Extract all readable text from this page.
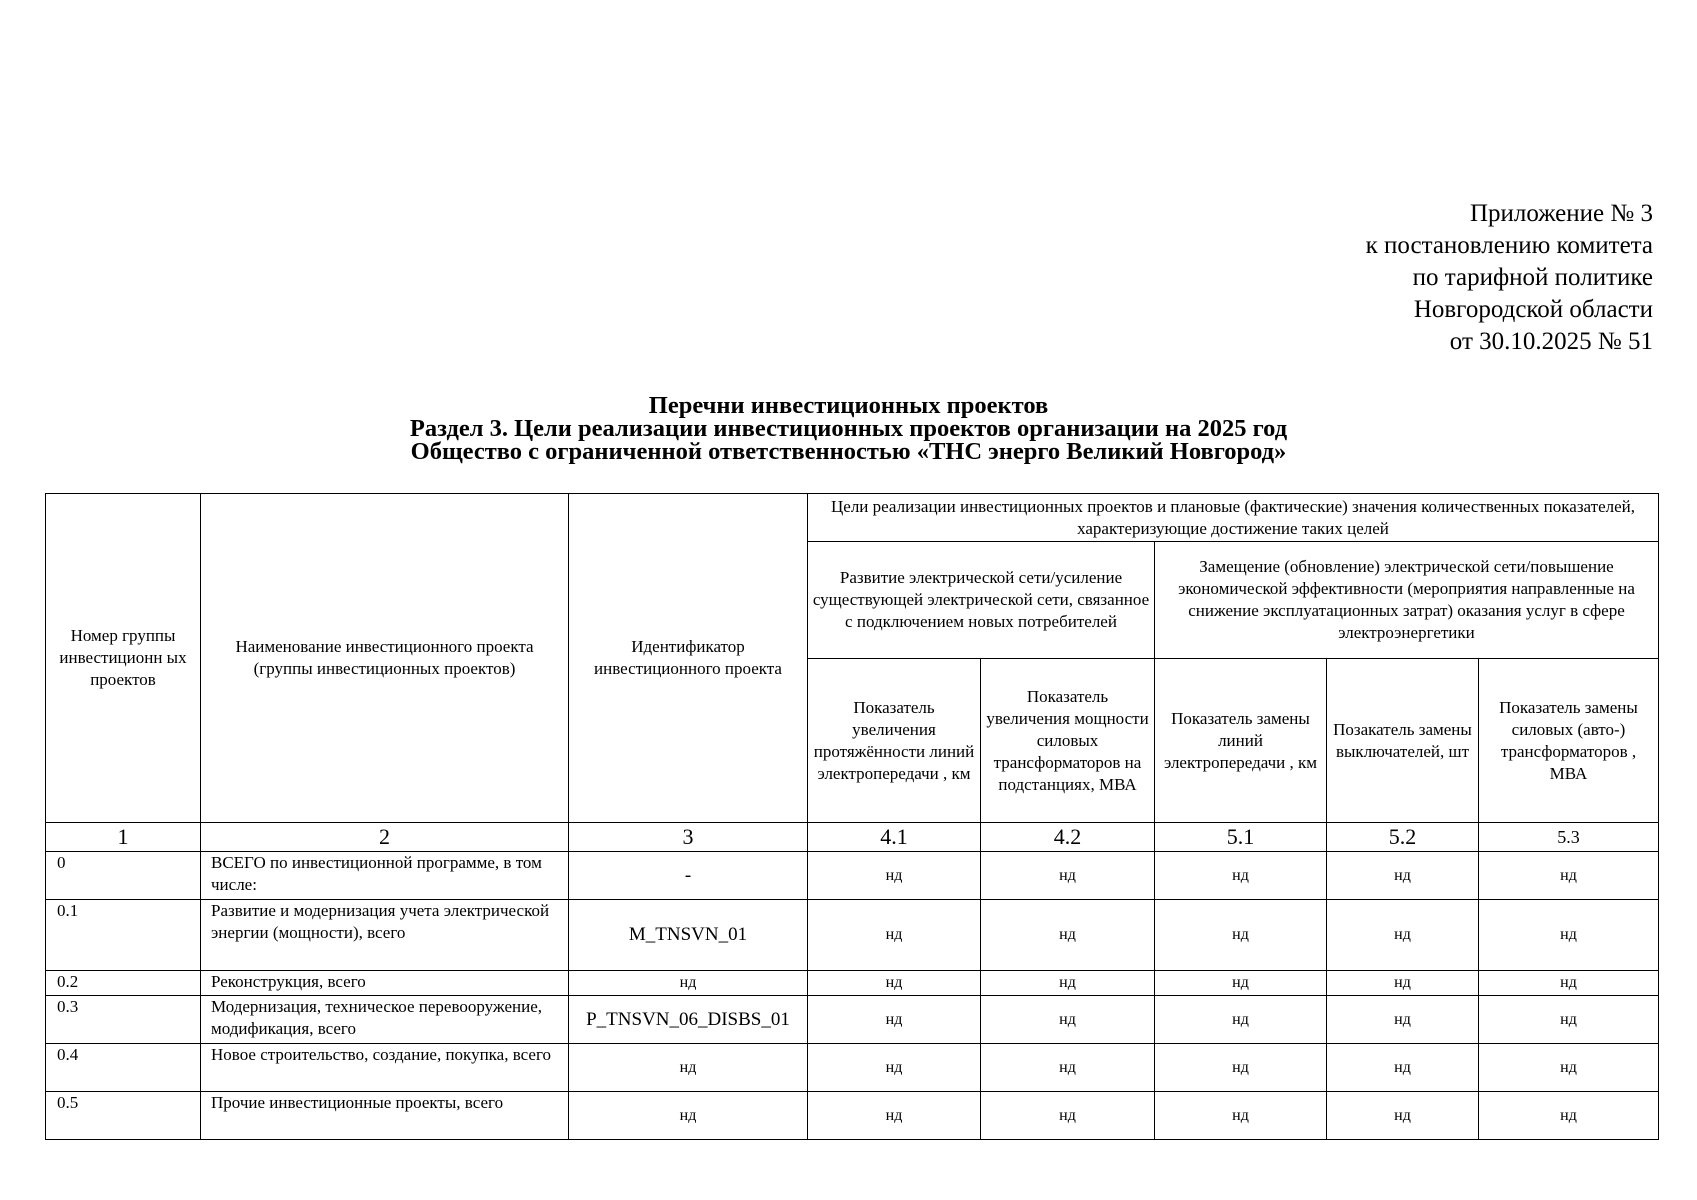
Приложение № 3
к постановлению комитета
по тарифной политике
Новгородской области
от 30.10.2025 № 51
Перечни инвестиционных проектов
Раздел 3. Цели реализации инвестиционных проектов организации на 2025 год
Общество с ограниченной ответственностью «ТНС энерго Великий Новгород»
Номер группы инвестиционн ых проектов	Наименование инвестиционного проекта (группы инвестиционных проектов)	Идентификатор инвестиционного проекта	Цели реализации инвестиционных проектов и плановые (фактические) значения количественных показателей, характеризующие достижение таких целей				
			Развитие электрической сети/усиление существующей электрической сети, связанное с подключением новых потребителей		Замещение (обновление) электрической сети/повышение экономической эффективности (мероприятия направленные на снижение эксплуатационных затрат) оказания услуг в сфере электроэнергетики		
			Показатель увеличения протяжённости линий электропередачи , км	Показатель увеличения мощности силовых трансформаторов на подстанциях, МВА	Показатель замены линий электропередачи , км	Позакатель замены выключателей, шт	Показатель замены силовых (авто-) трансформаторов , МВА
1	2	3	4.1	4.2	5.1	5.2	5.3
0	ВСЕГО по инвестиционной программе, в том числе:	-	нд	нд	нд	нд	нд
0.1	Развитие и модернизация учета электрической энергии (мощности), всего	M_TNSVN_01	нд	нд	нд	нд	нд
0.2	Реконструкция, всего	нд	нд	нд	нд	нд	нд
0.3	Модернизация, техническое перевооружение, модификация, всего	P_TNSVN_06_DISBS_01	нд	нд	нд	нд	нд
0.4	Новое строительство, создание, покупка, всего	нд	нд	нд	нд	нд	нд
0.5	Прочие инвестиционные проекты, всего	нд	нд	нд	нд	нд	нд
